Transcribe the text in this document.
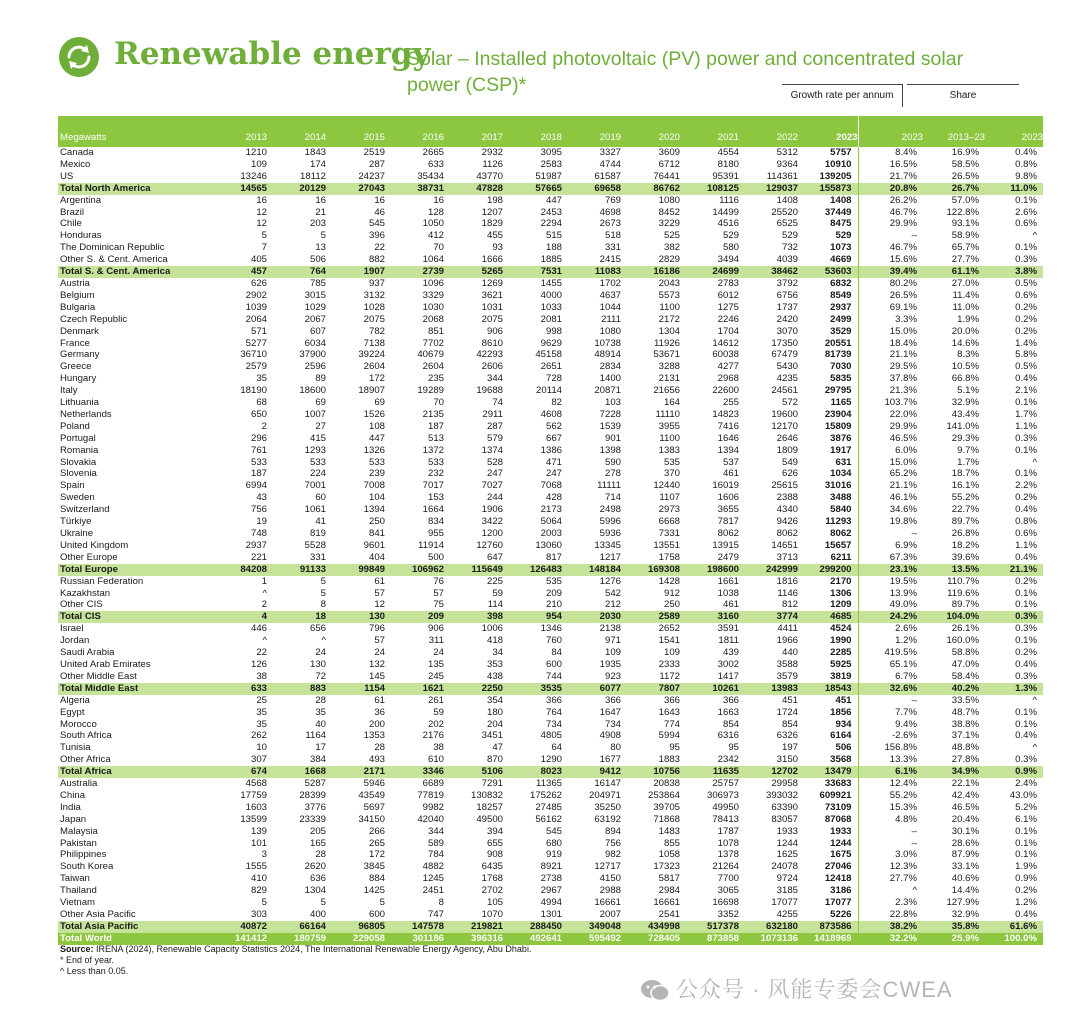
Renewable energy
Solar – Installed photovoltaic (PV) power and concentrated solar power (CSP)*	Growth rate per annum	Share
Megawatts	2013	2014	2015	2016	2017	2018	2019	2020	2021	2022	2023	2023	2013–23	2023
Canada	1210	1843	2519	2665	2932	3095	3327	3609	4554	5312	5757	8.4%	16.9%	0.4%
Mexico	109	174	287	633	1126	2583	4744	6712	8180	9364	10910	16.5%	58.5%	0.8%
US	13246	18112	24237	35434	43770	51987	61587	76441	95391	114361	139205	21.7%	26.5%	9.8%
Total North America	14565	20129	27043	38731	47828	57665	69658	86762	108125	129037	155873	20.8%	26.7%	11.0%
Argentina	16	16	16	16	198	447	769	1080	1116	1408	1408	26.2%	57.0%	0.1%
Brazil	12	21	46	128	1207	2453	4698	8452	14499	25520	37449	46.7%	122.8%	2.6%
Chile	12	203	545	1050	1829	2294	2673	3229	4516	6525	8475	29.9%	93.1%	0.6%
Honduras	5	5	396	412	455	515	518	525	529	529	529	–	58.9%	^
The Dominican Republic	7	13	22	70	93	188	331	382	580	732	1073	46.7%	65.7%	0.1%
Other S. & Cent. America	405	506	882	1064	1666	1885	2415	2829	3494	4039	4669	15.6%	27.7%	0.3%
Total S. & Cent. America	457	764	1907	2739	5265	7531	11083	16186	24699	38462	53603	39.4%	61.1%	3.8%
Austria	626	785	937	1096	1269	1455	1702	2043	2783	3792	6832	80.2%	27.0%	0.5%
Belgium	2902	3015	3132	3329	3621	4000	4637	5573	6012	6756	8549	26.5%	11.4%	0.6%
Bulgaria	1039	1029	1028	1030	1031	1033	1044	1100	1275	1737	2937	69.1%	11.0%	0.2%
Czech Republic	2064	2067	2075	2068	2075	2081	2111	2172	2246	2420	2499	3.3%	1.9%	0.2%
Denmark	571	607	782	851	906	998	1080	1304	1704	3070	3529	15.0%	20.0%	0.2%
France	5277	6034	7138	7702	8610	9629	10738	11926	14612	17350	20551	18.4%	14.6%	1.4%
Germany	36710	37900	39224	40679	42293	45158	48914	53671	60038	67479	81739	21.1%	8.3%	5.8%
Greece	2579	2596	2604	2604	2606	2651	2834	3288	4277	5430	7030	29.5%	10.5%	0.5%
Hungary	35	89	172	235	344	728	1400	2131	2968	4235	5835	37.8%	66.8%	0.4%
Italy	18190	18600	18907	19289	19688	20114	20871	21656	22600	24561	29795	21.3%	5.1%	2.1%
Lithuania	68	69	69	70	74	82	103	164	255	572	1165	103.7%	32.9%	0.1%
Netherlands	650	1007	1526	2135	2911	4608	7228	11110	14823	19600	23904	22.0%	43.4%	1.7%
Poland	2	27	108	187	287	562	1539	3955	7416	12170	15809	29.9%	141.0%	1.1%
Portugal	296	415	447	513	579	667	901	1100	1646	2646	3876	46.5%	29.3%	0.3%
Romania	761	1293	1326	1372	1374	1386	1398	1383	1394	1809	1917	6.0%	9.7%	0.1%
Slovakia	533	533	533	533	528	471	590	535	537	549	631	15.0%	1.7%	^
Slovenia	187	224	239	232	247	247	278	370	461	626	1034	65.2%	18.7%	0.1%
Spain	6994	7001	7008	7017	7027	7068	11111	12440	16019	25615	31016	21.1%	16.1%	2.2%
Sweden	43	60	104	153	244	428	714	1107	1606	2388	3488	46.1%	55.2%	0.2%
Switzerland	756	1061	1394	1664	1906	2173	2498	2973	3655	4340	5840	34.6%	22.7%	0.4%
Türkiye	19	41	250	834	3422	5064	5996	6668	7817	9426	11293	19.8%	89.7%	0.8%
Ukraine	748	819	841	955	1200	2003	5936	7331	8062	8062	8062	–	26.8%	0.6%
United Kingdom	2937	5528	9601	11914	12760	13060	13345	13551	13915	14651	15657	6.9%	18.2%	1.1%
Other Europe	221	331	404	500	647	817	1217	1758	2479	3713	6211	67.3%	39.6%	0.4%
Total Europe	84208	91133	99849	106962	115649	126483	148184	169308	198600	242999	299200	23.1%	13.5%	21.1%
Russian Federation	1	5	61	76	225	535	1276	1428	1661	1816	2170	19.5%	110.7%	0.2%
Kazakhstan	^	5	57	57	59	209	542	912	1038	1146	1306	13.9%	119.6%	0.1%
Other CIS	2	8	12	75	114	210	212	250	461	812	1209	49.0%	89.7%	0.1%
Total CIS	4	18	130	209	398	954	2030	2589	3160	3774	4685	24.2%	104.0%	0.3%
Israel	446	656	796	906	1006	1346	2138	2652	3591	4411	4524	2.6%	26.1%	0.3%
Jordan	^	^	57	311	418	760	971	1541	1811	1966	1990	1.2%	160.0%	0.1%
Saudi Arabia	22	24	24	24	34	84	109	109	439	440	2285	419.5%	58.8%	0.2%
United Arab Emirates	126	130	132	135	353	600	1935	2333	3002	3588	5925	65.1%	47.0%	0.4%
Other Middle East	38	72	145	245	438	744	923	1172	1417	3579	3819	6.7%	58.4%	0.3%
Total Middle East	633	883	1154	1621	2250	3535	6077	7807	10261	13983	18543	32.6%	40.2%	1.3%
Algeria	25	28	61	261	354	366	366	366	366	451	451	–	33.5%	^
Egypt	35	35	36	59	180	764	1647	1643	1663	1724	1856	7.7%	48.7%	0.1%
Morocco	35	40	200	202	204	734	734	774	854	854	934	9.4%	38.8%	0.1%
South Africa	262	1164	1353	2176	3451	4805	4908	5994	6316	6326	6164	-2.6%	37.1%	0.4%
Tunisia	10	17	28	38	47	64	80	95	95	197	506	156.8%	48.8%	^
Other Africa	307	384	493	610	870	1290	1677	1883	2342	3150	3568	13.3%	27.8%	0.3%
Total Africa	674	1668	2171	3346	5106	8023	9412	10756	11635	12702	13479	6.1%	34.9%	0.9%
Australia	4568	5287	5946	6689	7291	11365	16147	20838	25757	29958	33683	12.4%	22.1%	2.4%
China	17759	28399	43549	77819	130832	175262	204971	253864	306973	393032	609921	55.2%	42.4%	43.0%
India	1603	3776	5697	9982	18257	27485	35250	39705	49950	63390	73109	15.3%	46.5%	5.2%
Japan	13599	23339	34150	42040	49500	56162	63192	71868	78413	83057	87068	4.8%	20.4%	6.1%
Malaysia	139	205	266	344	394	545	894	1483	1787	1933	1933	–	30.1%	0.1%
Pakistan	101	165	265	589	655	680	756	855	1078	1244	1244	–	28.6%	0.1%
Philippines	3	28	172	784	908	919	982	1058	1378	1625	1675	3.0%	87.9%	0.1%
South Korea	1555	2620	3845	4882	6435	8921	12717	17323	21264	24078	27046	12.3%	33.1%	1.9%
Taiwan	410	636	884	1245	1768	2738	4150	5817	7700	9724	12418	27.7%	40.6%	0.9%
Thailand	829	1304	1425	2451	2702	2967	2988	2984	3065	3185	3186	^	14.4%	0.2%
Vietnam	5	5	5	8	105	4994	16661	16661	16698	17077	17077	2.3%	127.9%	1.2%
Other Asia Pacific	303	400	600	747	1070	1301	2007	2541	3352	4255	5226	22.8%	32.9%	0.4%
Total Asia Pacific	40872	66164	96805	147578	219821	288450	349048	434998	517378	632180	873586	38.2%	35.8%	61.6%
Total World	141412	180759	229058	301186	396316	492641	595492	728405	873858	1073136	1418969	32.2%	25.9%	100.0%
Source: IRENA (2024), Renewable Capacity Statistics 2024, The International Renewable Energy Agency, Abu Dhabi.
* End of year.
^ Less than 0.05.
公众号 · 风能专委会CWEA
